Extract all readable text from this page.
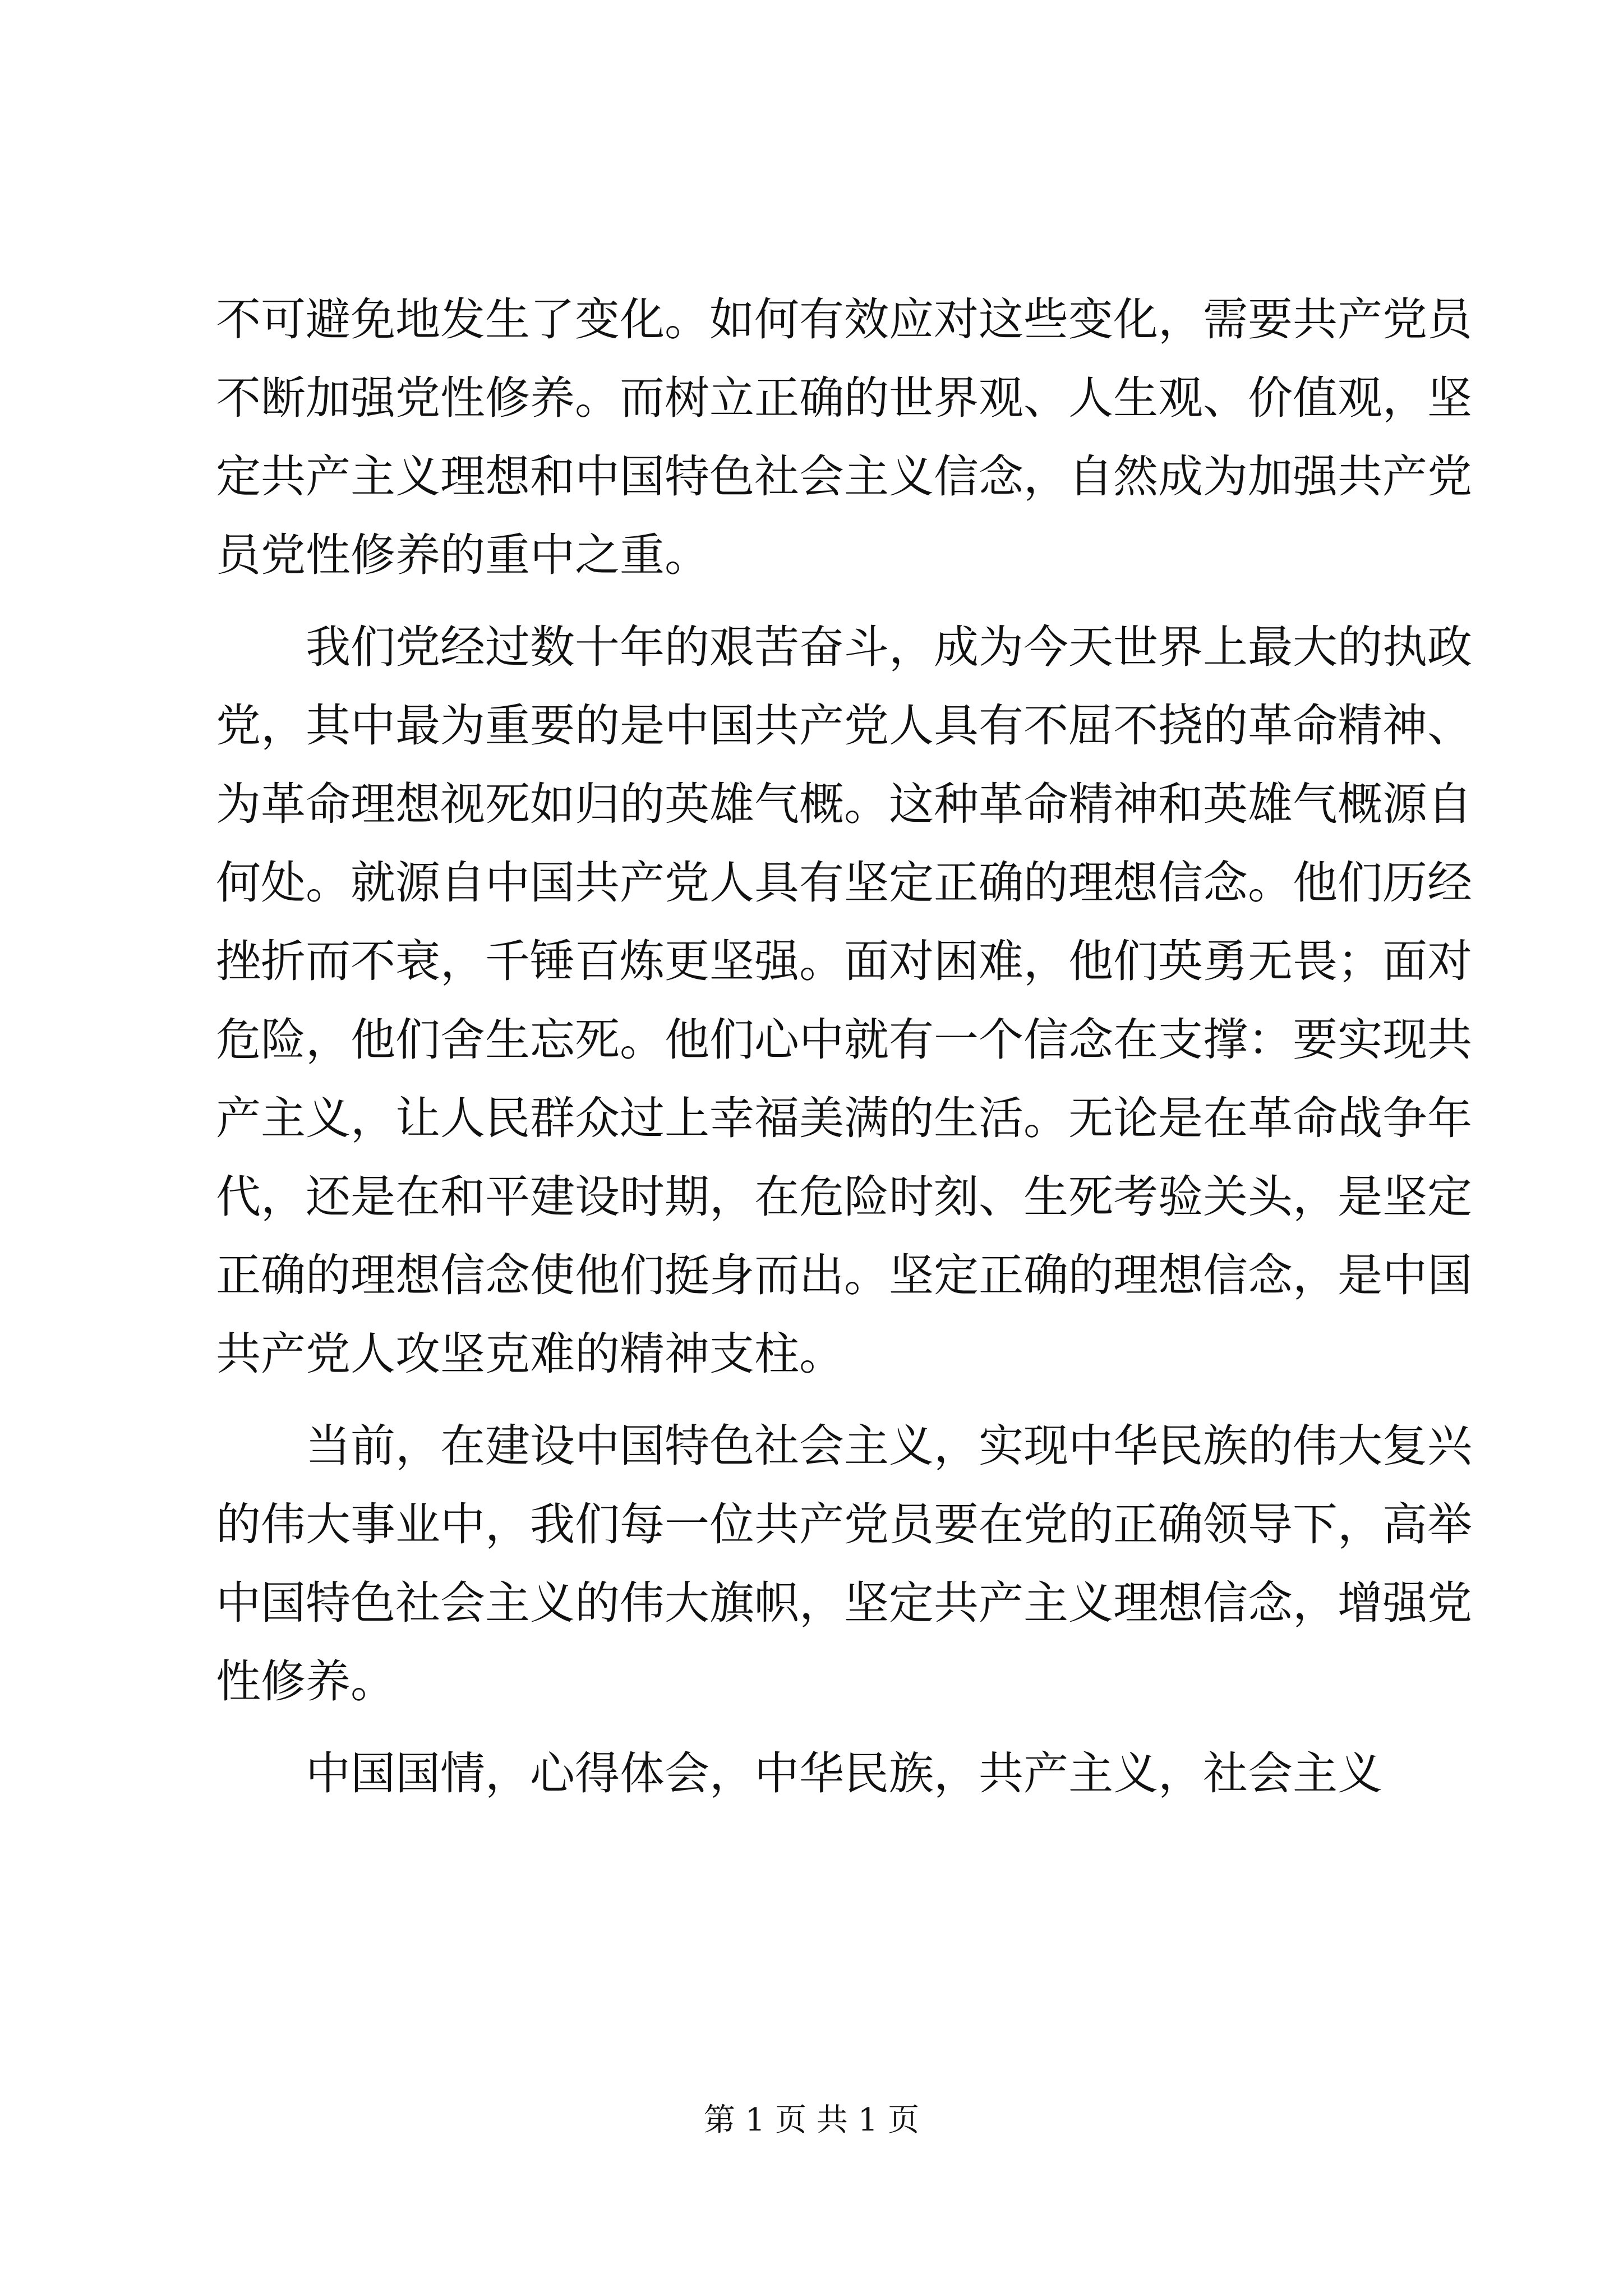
不可避免地发生了变化。如何有效应对这些变化，需要共产党员
不断加强党性修养。而树立正确的世界观、人生观、价值观，坚
定共产主义理想和中国特色社会主义信念，自然成为加强共产党
员党性修养的重中之重。
我们党经过数十年的艰苦奋斗，成为今天世界上最大的执政
党，其中最为重要的是中国共产党人具有不屈不挠的革命精神、
为革命理想视死如归的英雄气概。这种革命精神和英雄气概源自
何处。就源自中国共产党人具有坚定正确的理想信念。他们历经
挫折而不衰，千锤百炼更坚强。面对困难，他们英勇无畏；面对
危险，他们舍生忘死。他们心中就有一个信念在支撑：要实现共
产主义，让人民群众过上幸福美满的生活。无论是在革命战争年
代，还是在和平建设时期，在危险时刻、生死考验关头，是坚定
正确的理想信念使他们挺身而出。坚定正确的理想信念，是中国
共产党人攻坚克难的精神支柱。
当前，在建设中国特色社会主义，实现中华民族的伟大复兴
的伟大事业中，我们每一位共产党员要在党的正确领导下，高举
中国特色社会主义的伟大旗帜，坚定共产主义理想信念，增强党
性修养。
中国国情，心得体会，中华民族，共产主义，社会主义
第 1 页 共 1 页
